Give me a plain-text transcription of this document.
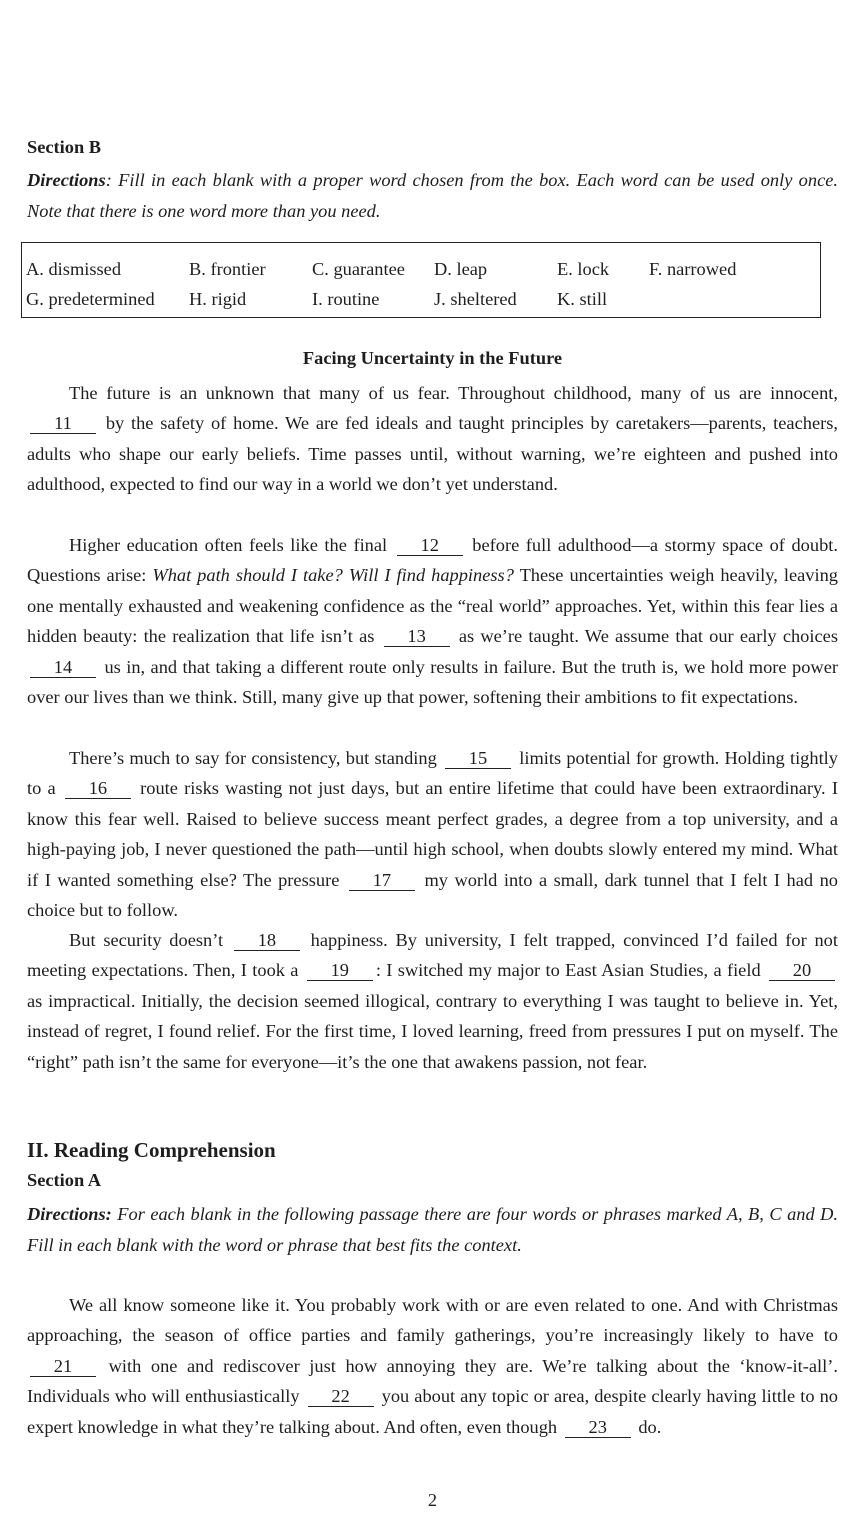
Section B
Directions: Fill in each blank with a proper word chosen from the box. Each word can be used only once. Note that there is one word more than you need.
A. dismissed	B. frontier	C. guarantee D. leap	E. lock F. narrowed
G. predetermined H. rigid	I. routine	J. sheltered K. still
Facing Uncertainty in the Future

The future is an unknown that many of us fear. Throughout childhood, many of us are innocent, 11 by the safety of home. We are fed ideals and taught principles by caretakers—parents, teachers, adults who shape our early beliefs. Time passes until, without warning, we’re eighteen and pushed into adulthood, expected to find our way in a world we don’t yet understand.

Higher education often feels like the final 12 before full adulthood—a stormy space of doubt. Questions arise: What path should I take? Will I find happiness? These uncertainties weigh heavily, leaving one mentally exhausted and weakening confidence as the “real world” approaches. Yet, within this fear lies a hidden beauty: the realization that life isn’t as 13 as we’re taught. We assume that our early choices 14 us in, and that taking a different route only results in failure. But the truth is, we hold more power over our lives than we think. Still, many give up that power, softening their ambitions to fit expectations.

There’s much to say for consistency, but standing 15 limits potential for growth. Holding tightly to a 16 route risks wasting not just days, but an entire lifetime that could have been extraordinary. I know this fear well. Raised to believe success meant perfect grades, a degree from a top university, and a high-paying job, I never questioned the path—until high school, when doubts slowly entered my mind. What if I wanted something else? The pressure 17 my world into a small, dark tunnel that I felt I had no choice but to follow.

But security doesn’t 18 happiness. By university, I felt trapped, convinced I’d failed for not meeting expectations. Then, I took a 19 : I switched my major to East Asian Studies, a field 20 as impractical. Initially, the decision seemed illogical, contrary to everything I was taught to believe in. Yet, instead of regret, I found relief. For the first time, I loved learning, freed from pressures I put on myself. The “right” path isn’t the same for everyone—it’s the one that awakens passion, not fear.

II. Reading Comprehension
Section A
Directions: For each blank in the following passage there are four words or phrases marked A, B, C and D. Fill in each blank with the word or phrase that best fits the context.

We all know someone like it. You probably work with or are even related to one. And with Christmas approaching, the season of office parties and family gatherings, you’re increasingly likely to have to 21 with one and rediscover just how annoying they are. We’re talking about the ‘know-it-all’. Individuals who will enthusiastically 22 you about any topic or area, despite clearly having little to no expert knowledge in what they’re talking about. And often, even though 23 do.

2
